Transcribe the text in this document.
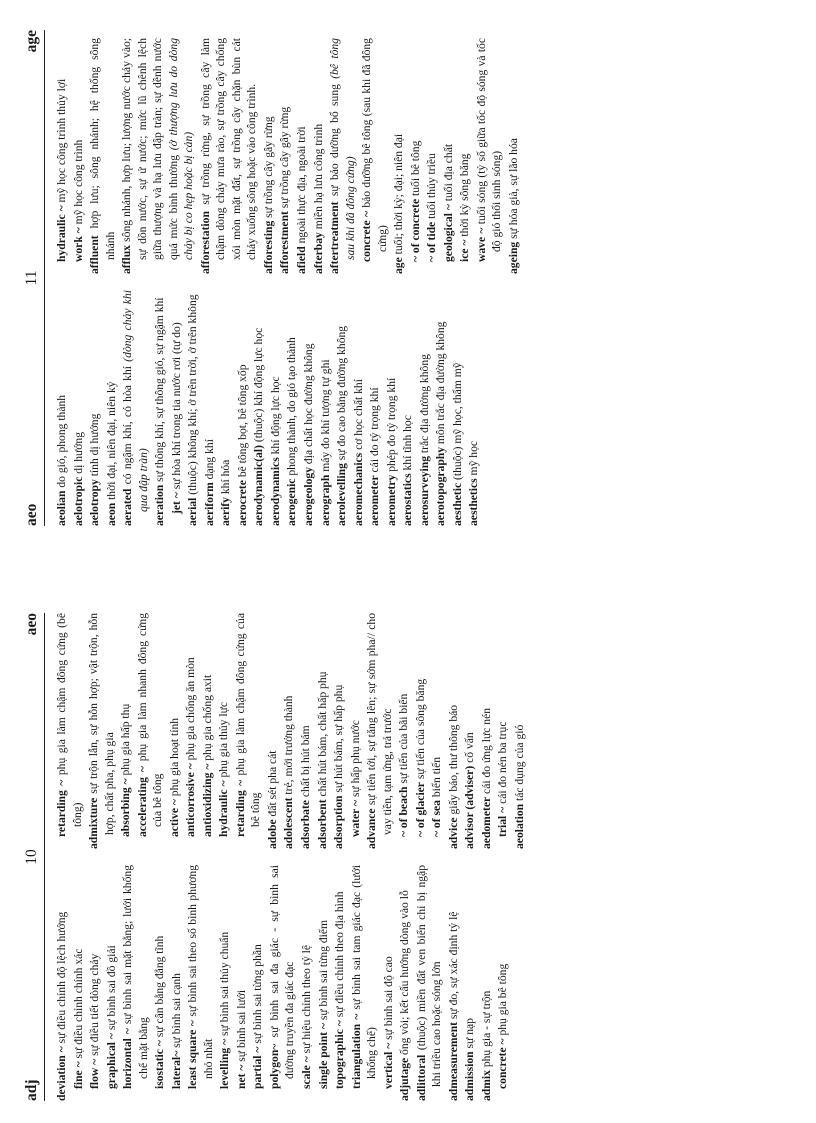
adj
10
aeo
deviation ~ sự điều chỉnh độ lệch hướng
fine ~ sự điều chỉnh chính xác
flow ~ sự điều tiết dòng chảy
graphical ~ sự bình sai đồ giải
horizontal ~ sự bình sai mặt bằng; lưới khống chế mặt bằng isostatic ~ sự cân bằng đẳng tĩnh
lateral~ sự bình sai cạnh
least square ~ sự bình sai theo số bình phương nhỏ nhất levelling ~ sự bình sai thủy chuẩn
net ~ sự bình sai lưới
partial ~ sự bình sai từng phần
polygon~ sự bình sai đa giác - sự bình sai đường truyền đa giác đạc scale ~ sự hiệu chỉnh theo tỷ lệ single point ~ sự bình sai từng điểm
topographic ~ sự điều chỉnh theo địa hình
triangulation ~ sự bình sai tam giác đạc (lưới khống chế) vertical ~ sự bình sai độ cao
adjutage ống vòi; kết cấu hướng dòng vào lỗ
adlittoral (thuộc) miền đất ven biển chỉ bị ngập khi triều cao hoặc sóng lớn admeasurement sự đo, sự xác định tỷ lệ
admission sự nạp
admix phụ gia - sự trộn concrete ~ phụ gia bê tông
retarding ~ phụ gia làm chậm đông cứng (bê tông) admixture sự trộn lẫn, sự hỗn hợp; vật trộn, hỗn hợp, chất pha, phụ gia absorbing ~ phụ gia hấp thụ
accelerating ~ phụ gia làm nhanh đông cứng của bê tông active ~ phụ gia hoạt tính
anticorrosive ~ phụ gia chống ăn mòn
antioxidizing ~ phụ gia chống axit
hydraulic ~ phụ gia thủy lực
retarding ~ phụ gia làm chậm đông cứng của bê tông
adobe đất sét pha cát
adolescent trẻ, mới trưởng thành
adsorbate chất bị hút bám
adsorbent chất hút bám, chất hấp phụ
adsorption sự hút bám, sự hấp phụ
water ~ sự hấp phụ nước
advance sự tiến tới, sự tăng lên; sự sớm pha// cho vay tiền, tạm ứng, trả trước ~ of beach sự tiến của bãi biển
~ of glacier sự tiến của sông băng
~ of sea biển tiến
advice giấy báo, thư thông báo advisor (adviser) cố vấn
aedometer cái đo ứng lực nén
trial ~ cái đo nén ba trục
aeolation tác dụng của gió
aeo
11
age
aeolian do gió, phong thành
aelotropic dị hướng
aelotropy tính dị hướng
aeon thời đại, niên đại, niên kỷ
aerated có ngậm khí, có hòa khí (dòng chảy khi qua đập tràn) aeration sự thông khí, sự thông gió, sự ngậm khí
jet ~ sự hòa khí trong tia nước rơi (tự do)
aerial (thuộc) không khí; ở trên trời, ở trên không
aeriform dạng khí
aerify khí hóa
aerocrete bê tông bọt, bê tông xốp
aerodynamic(al) (thuộc) khí động lực học
aerodynamics khí động lực học
aerogenic phong thành, do gió tạo thành
aerogeology địa chất học đường không
aerograph máy đo khí tượng tự ghi
aerolevelling sự đo cao bằng đường không
aeromechanics cơ học chất khí
aerometer cái đo tỷ trọng khí
aerometry phép đo tỷ trọng khí
aerostatics khí tĩnh học
aerosurveying trắc địa đường không
aerotopography môn trắc địa đường không
aesthetic (thuộc) mỹ học, thẩm mỹ
aesthetics mỹ học
hydraulic ~ mỹ học công trình thủy lợi
work ~ mỹ học công trình
affluent hợp lưu; sông nhánh; hệ thống sông nhánh afflux sông nhánh, hợp lưu; lượng nước chảy vào; sự dồn nước, sự ứ nước; mức lũ chênh lệch giữa thượng và hạ lưu đập tràn; sự dềnh nước quá mức bình thường (ở thượng lưu do dòng chảy bị co hẹp hoặc bị cản) afforestation sự trồng rừng, sự trồng cây làm chậm dòng chảy mưa rào, sự trồng cây chống xói mòn mặt đất, sự trồng cây chặn bùn cát chảy xuống sông hoặc vào công trình. afforesting sự trồng cây gây rừng
afforestment sự trồng cây gây rừng
afield ngoài thực địa, ngoài trời
afterbay miền hạ lưu công trình
aftertreatment sự bảo dưỡng bổ sung (bê tông sau khi đã đông cứng) concrete ~ bảo dưỡng bê tông (sau khi đã đông cứng)
age tuổi; thời kỳ; đại; niên đại ~ of concrete tuổi bê tông
~ of tide tuổi thủy triều
geological ~ tuổi địa chất
ice ~ thời kỳ sông băng
wave ~ tuổi sóng (tỷ số giữa tốc độ sóng và tốc độ gió thổi sinh sóng)
ageing sự hóa già, sự lão hóa
